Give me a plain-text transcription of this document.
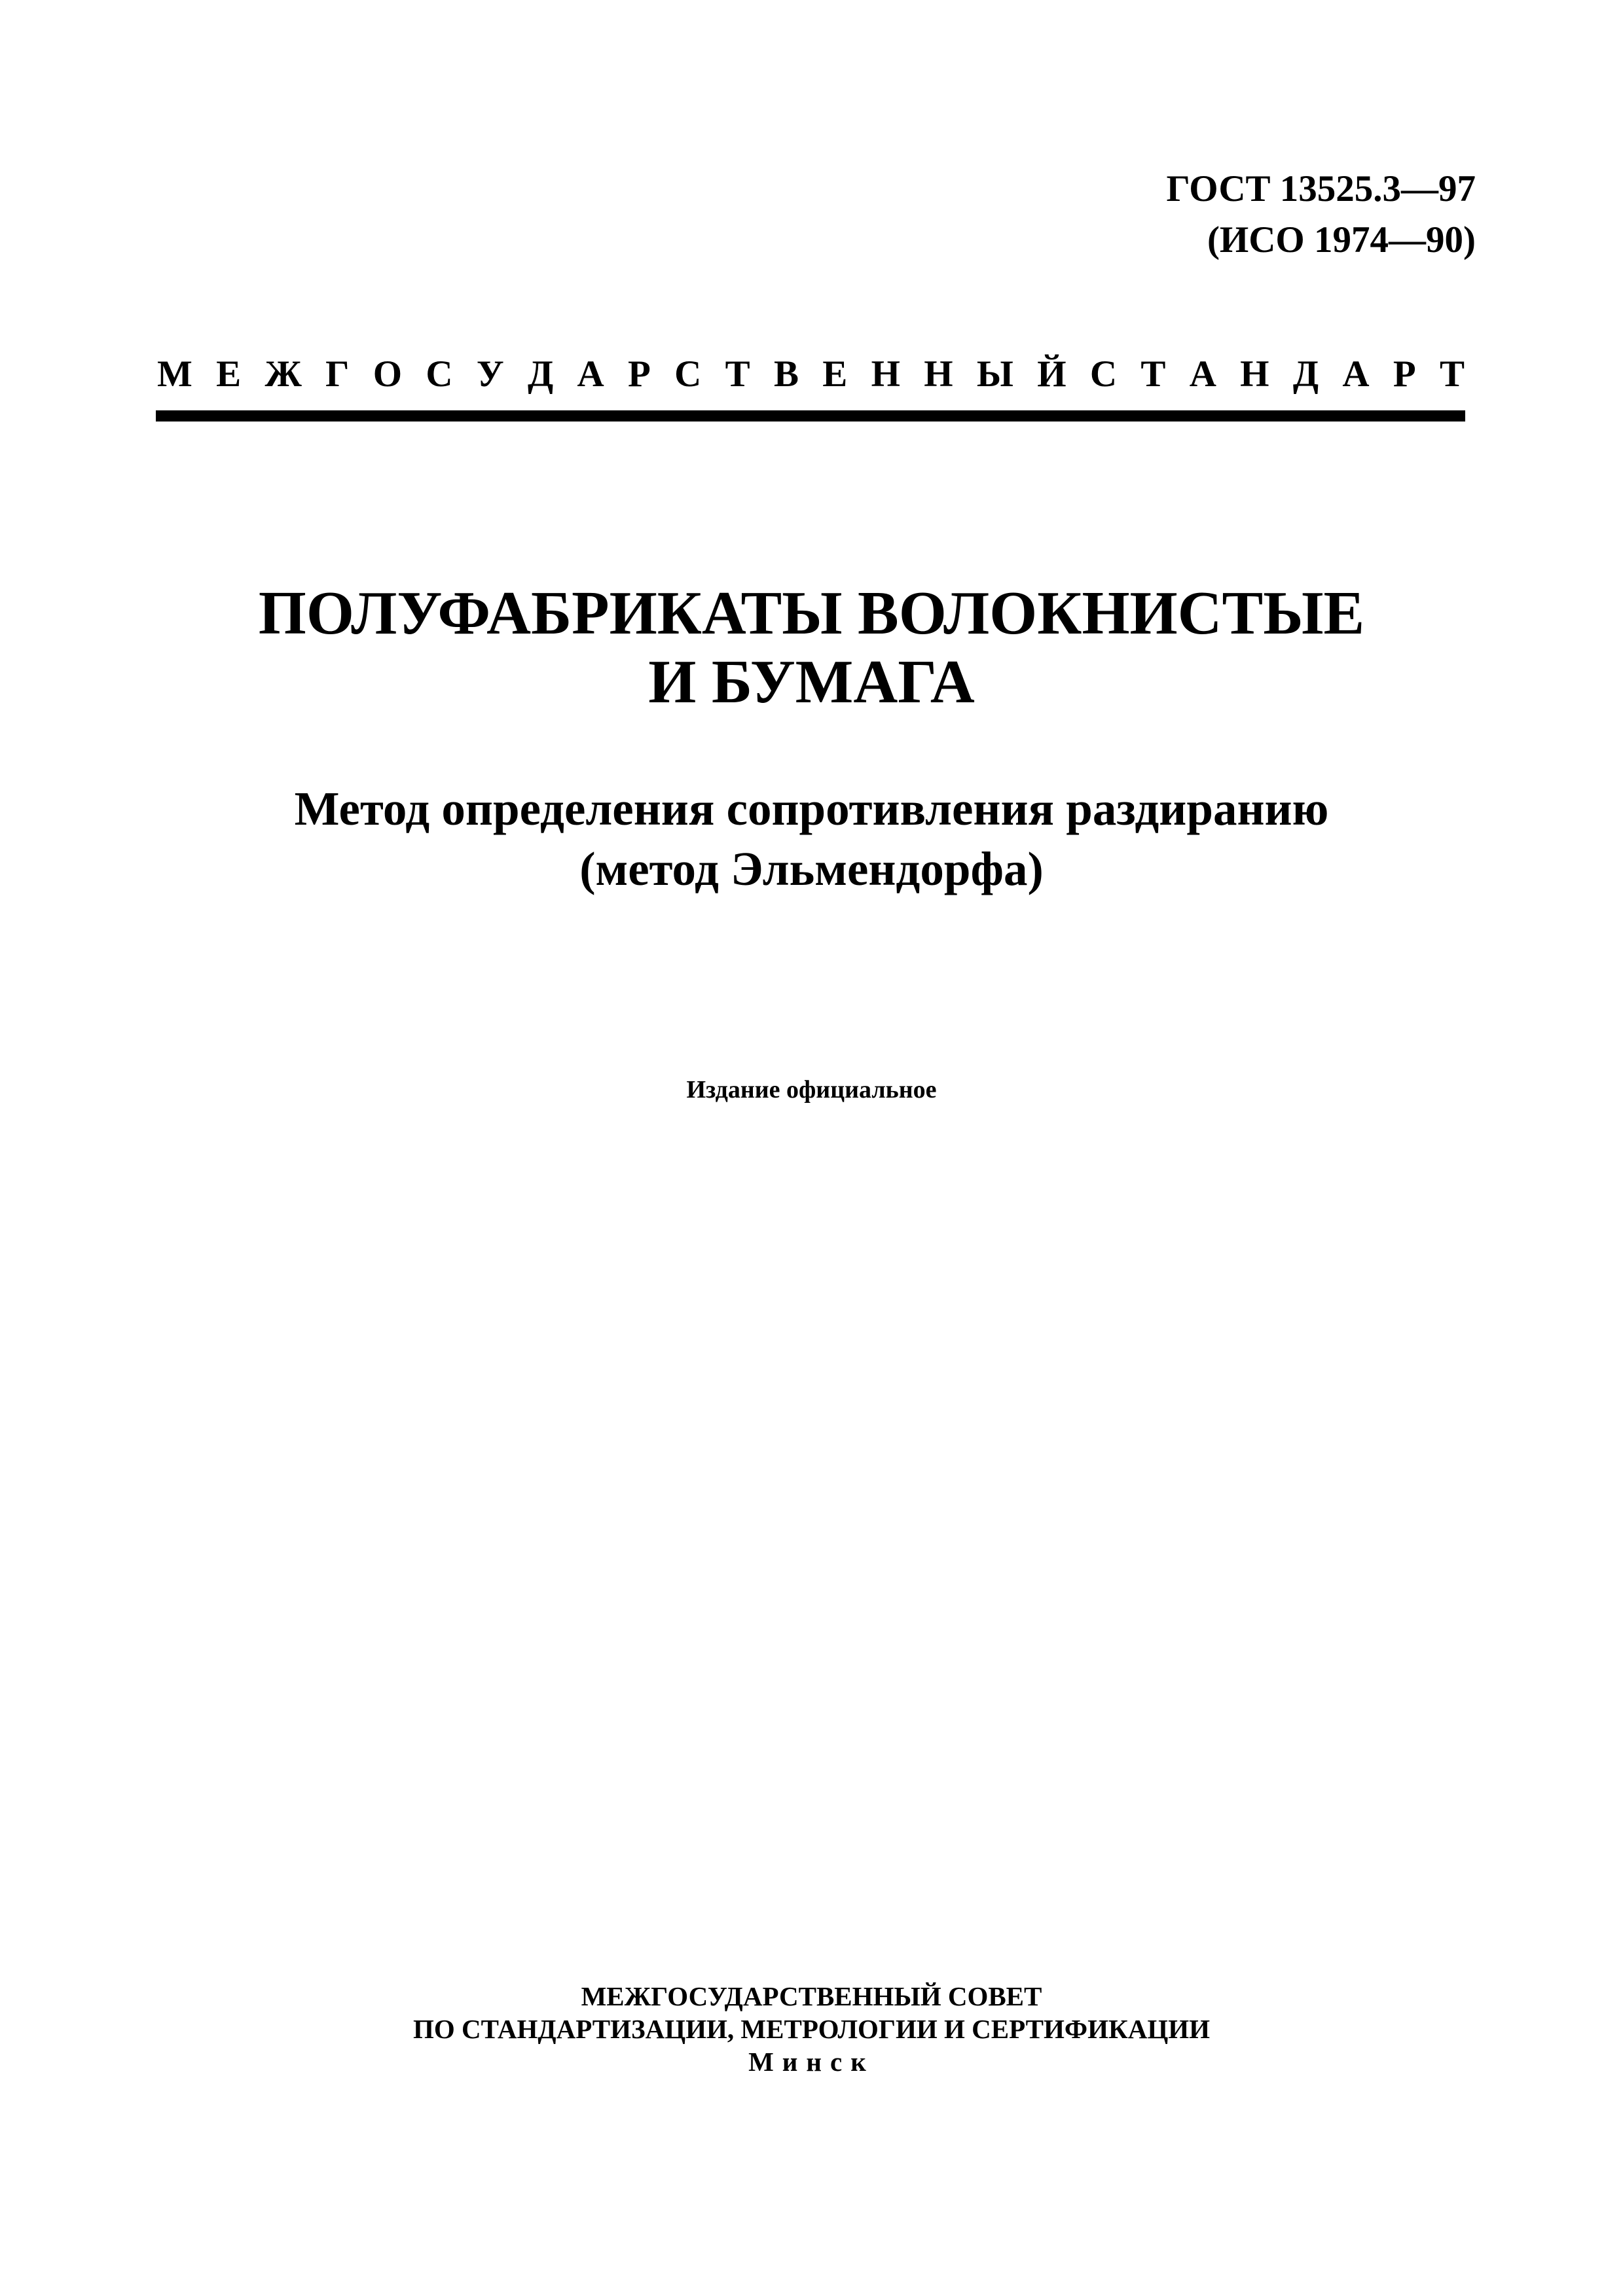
ГОСТ 13525.3—97
(ИСО 1974—90)
М Е Ж Г О С У Д А Р С Т В Е Н Н Ы Й С Т А Н Д А Р Т
ПОЛУФАБРИКАТЫ ВОЛОКНИСТЫЕ
И БУМАГА
Метод определения сопротивления раздиранию
(метод Эльмендорфа)
Издание официальное
МЕЖГОСУДАРСТВЕННЫЙ СОВЕТ
ПО СТАНДАРТИЗАЦИИ, МЕТРОЛОГИИ И СЕРТИФИКАЦИИ
Минск
